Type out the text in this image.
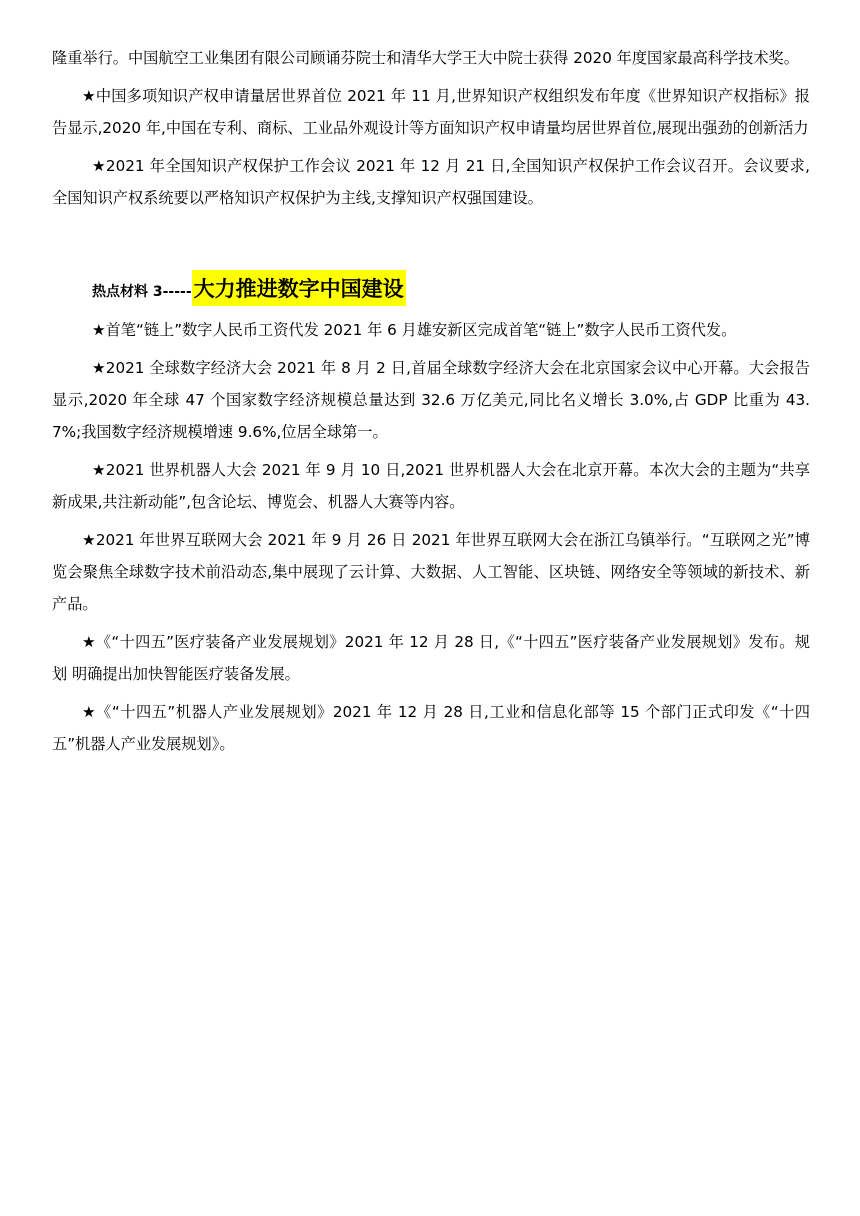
隆重举行。中国航空工业集团有限公司顾诵芬院士和清华大学王大中院士获得 2020 年度国家最高科学技术奖。

★中国多项知识产权申请量居世界首位 2021 年 11 月,世界知识产权组织发布年度《世界知识产权指标》报告显示,2020 年,中国在专利、商标、工业品外观设计等方面知识产权申请量均居世界首位,展现出强劲的创新活力

★2021 年全国知识产权保护工作会议 2021 年 12 月 21 日,全国知识产权保护工作会议召开。会议要求,全国知识产权系统要以严格知识产权保护为主线,支撑知识产权强国建设。

热点材料 3----- 大力推进数字中国建设

★首笔“链上”数字人民币工资代发 2021 年 6 月雄安新区完成首笔“链上”数字人民币工资代发。

★2021 全球数字经济大会 2021 年 8 月 2 日,首届全球数字经济大会在北京国家会议中心开幕。大会报告显示,2020 年全球 47 个国家数字经济规模总量达到 32.6 万亿美元,同比名义增长 3.0%,占 GDP 比重为 43.7%;我国数字经济规模增速 9.6%,位居全球第一。

★2021 世界机器人大会 2021 年 9 月 10 日,2021 世界机器人大会在北京开幕。本次大会的主题为“共享新成果,共注新动能”,包含论坛、博览会、机器人大赛等内容。

★2021 年世界互联网大会 2021 年 9 月 26 日 2021 年世界互联网大会在浙江乌镇举行。“互联网之光”博览会聚焦全球数字技术前沿动态,集中展现了云计算、大数据、人工智能、区块链、网络安全等领域的新技术、新产品。

★《“十四五”医疗装备产业发展规划》2021 年 12 月 28 日,《“十四五”医疗装备产业发展规划》发布。规划 明确提出加快智能医疗装备发展。

★《“十四五”机器人产业发展规划》2021 年 12 月 28 日,工业和信息化部等 15 个部门正式印发《“十四五”机器人产业发展规划》。
